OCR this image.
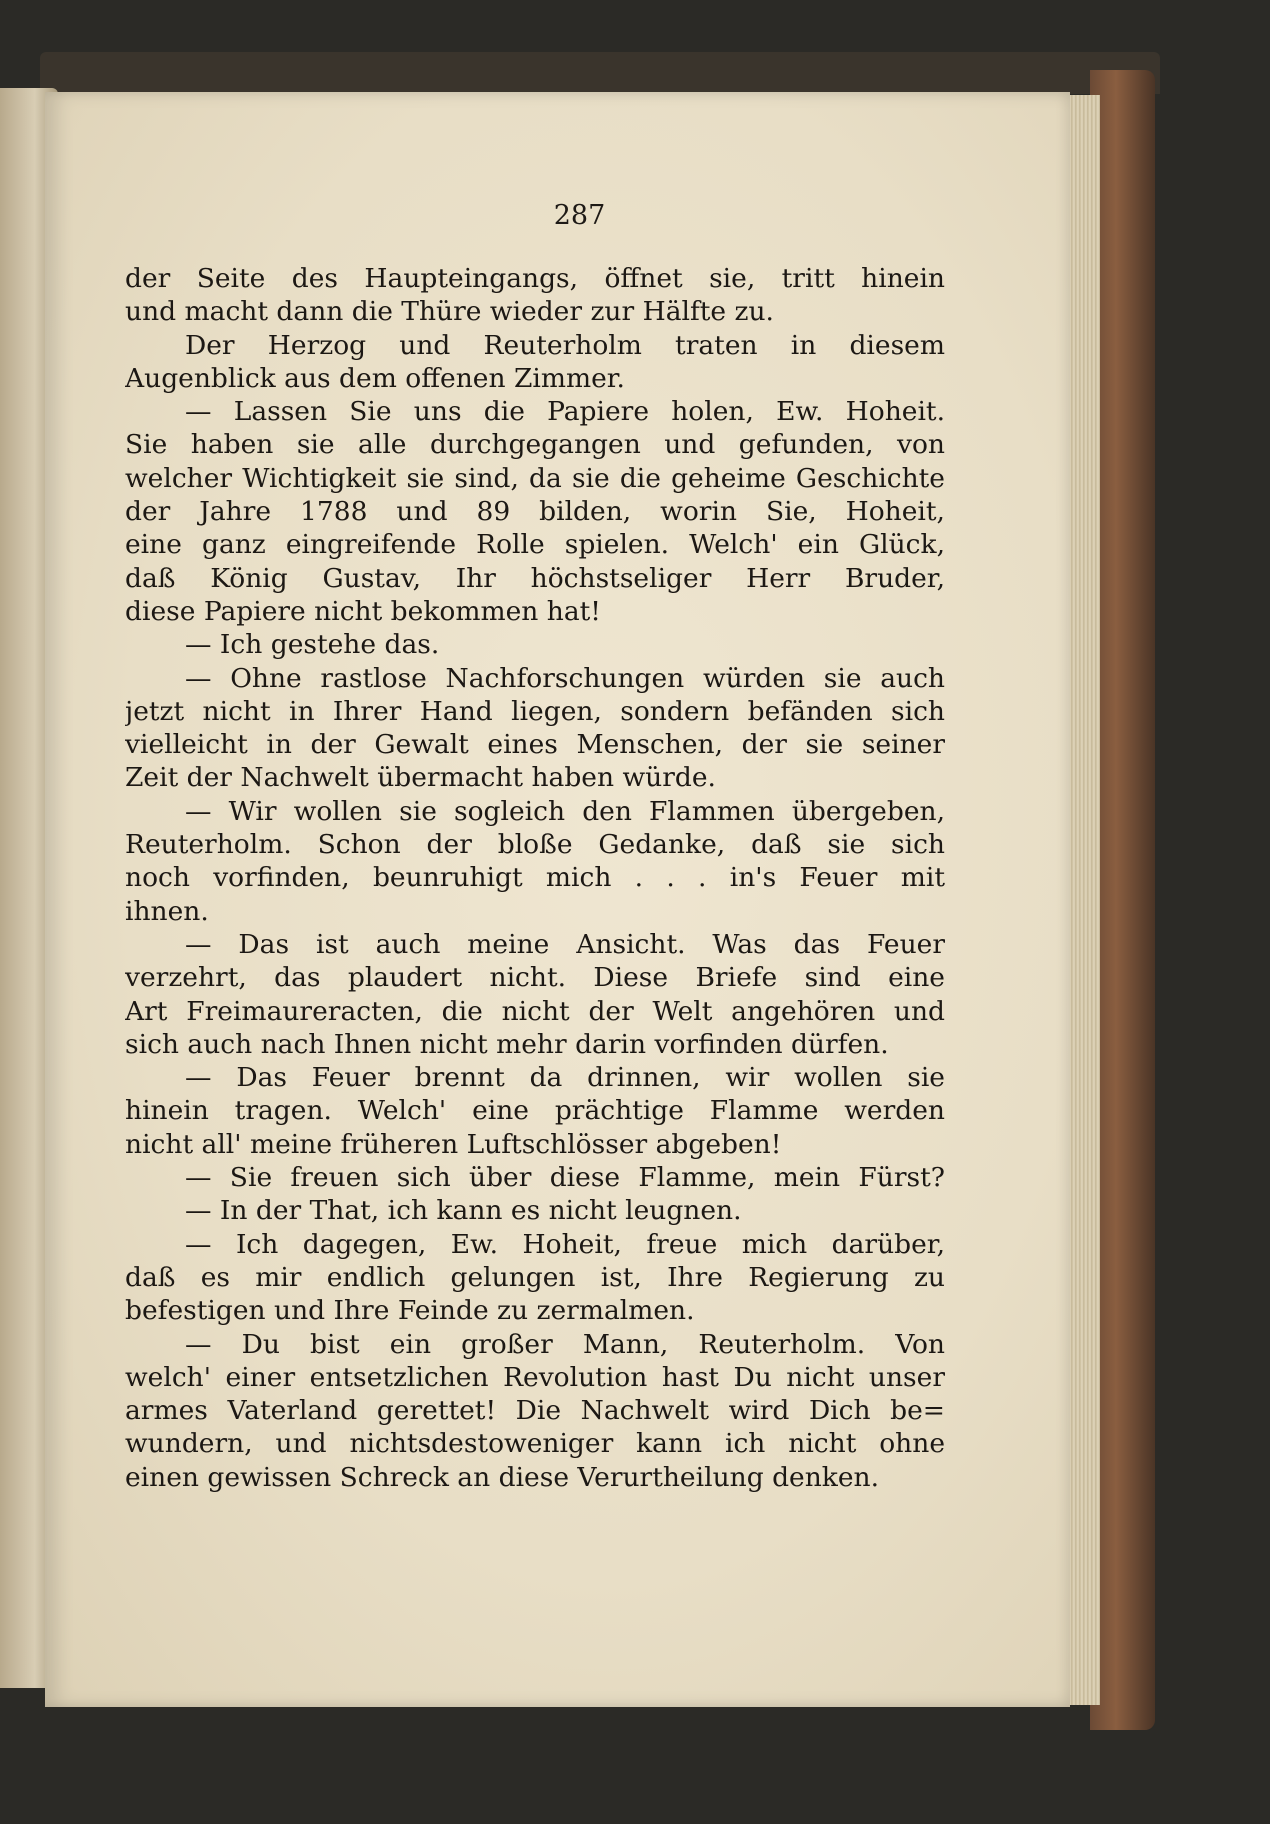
287
der Seite des Haupteingangs, öffnet sie, tritt hinein
und macht dann die Thüre wieder zur Hälfte zu.
Der Herzog und Reuterholm traten in diesem
Augenblick aus dem offenen Zimmer.
— Lassen Sie uns die Papiere holen, Ew. Hoheit.
Sie haben sie alle durchgegangen und gefunden, von
welcher Wichtigkeit sie sind, da sie die geheime Geschichte
der Jahre 1788 und 89 bilden, worin Sie, Hoheit,
eine ganz eingreifende Rolle spielen. Welch' ein Glück,
daß König Gustav, Ihr höchstseliger Herr Bruder,
diese Papiere nicht bekommen hat!
— Ich gestehe das.
— Ohne rastlose Nachforschungen würden sie auch
jetzt nicht in Ihrer Hand liegen, sondern befänden sich
vielleicht in der Gewalt eines Menschen, der sie seiner
Zeit der Nachwelt übermacht haben würde.
— Wir wollen sie sogleich den Flammen übergeben,
Reuterholm. Schon der bloße Gedanke, daß sie sich
noch vorfinden, beunruhigt mich . . . in's Feuer mit
ihnen.
— Das ist auch meine Ansicht. Was das Feuer
verzehrt, das plaudert nicht. Diese Briefe sind eine
Art Freimaureracten, die nicht der Welt angehören und
sich auch nach Ihnen nicht mehr darin vorfinden dürfen.
— Das Feuer brennt da drinnen, wir wollen sie
hinein tragen. Welch' eine prächtige Flamme werden
nicht all' meine früheren Luftschlösser abgeben!
— Sie freuen sich über diese Flamme, mein Fürst?
— In der That, ich kann es nicht leugnen.
— Ich dagegen, Ew. Hoheit, freue mich darüber,
daß es mir endlich gelungen ist, Ihre Regierung zu
befestigen und Ihre Feinde zu zermalmen.
— Du bist ein großer Mann, Reuterholm. Von
welch' einer entsetzlichen Revolution hast Du nicht unser
armes Vaterland gerettet! Die Nachwelt wird Dich be=
wundern, und nichtsdestoweniger kann ich nicht ohne
einen gewissen Schreck an diese Verurtheilung denken.
